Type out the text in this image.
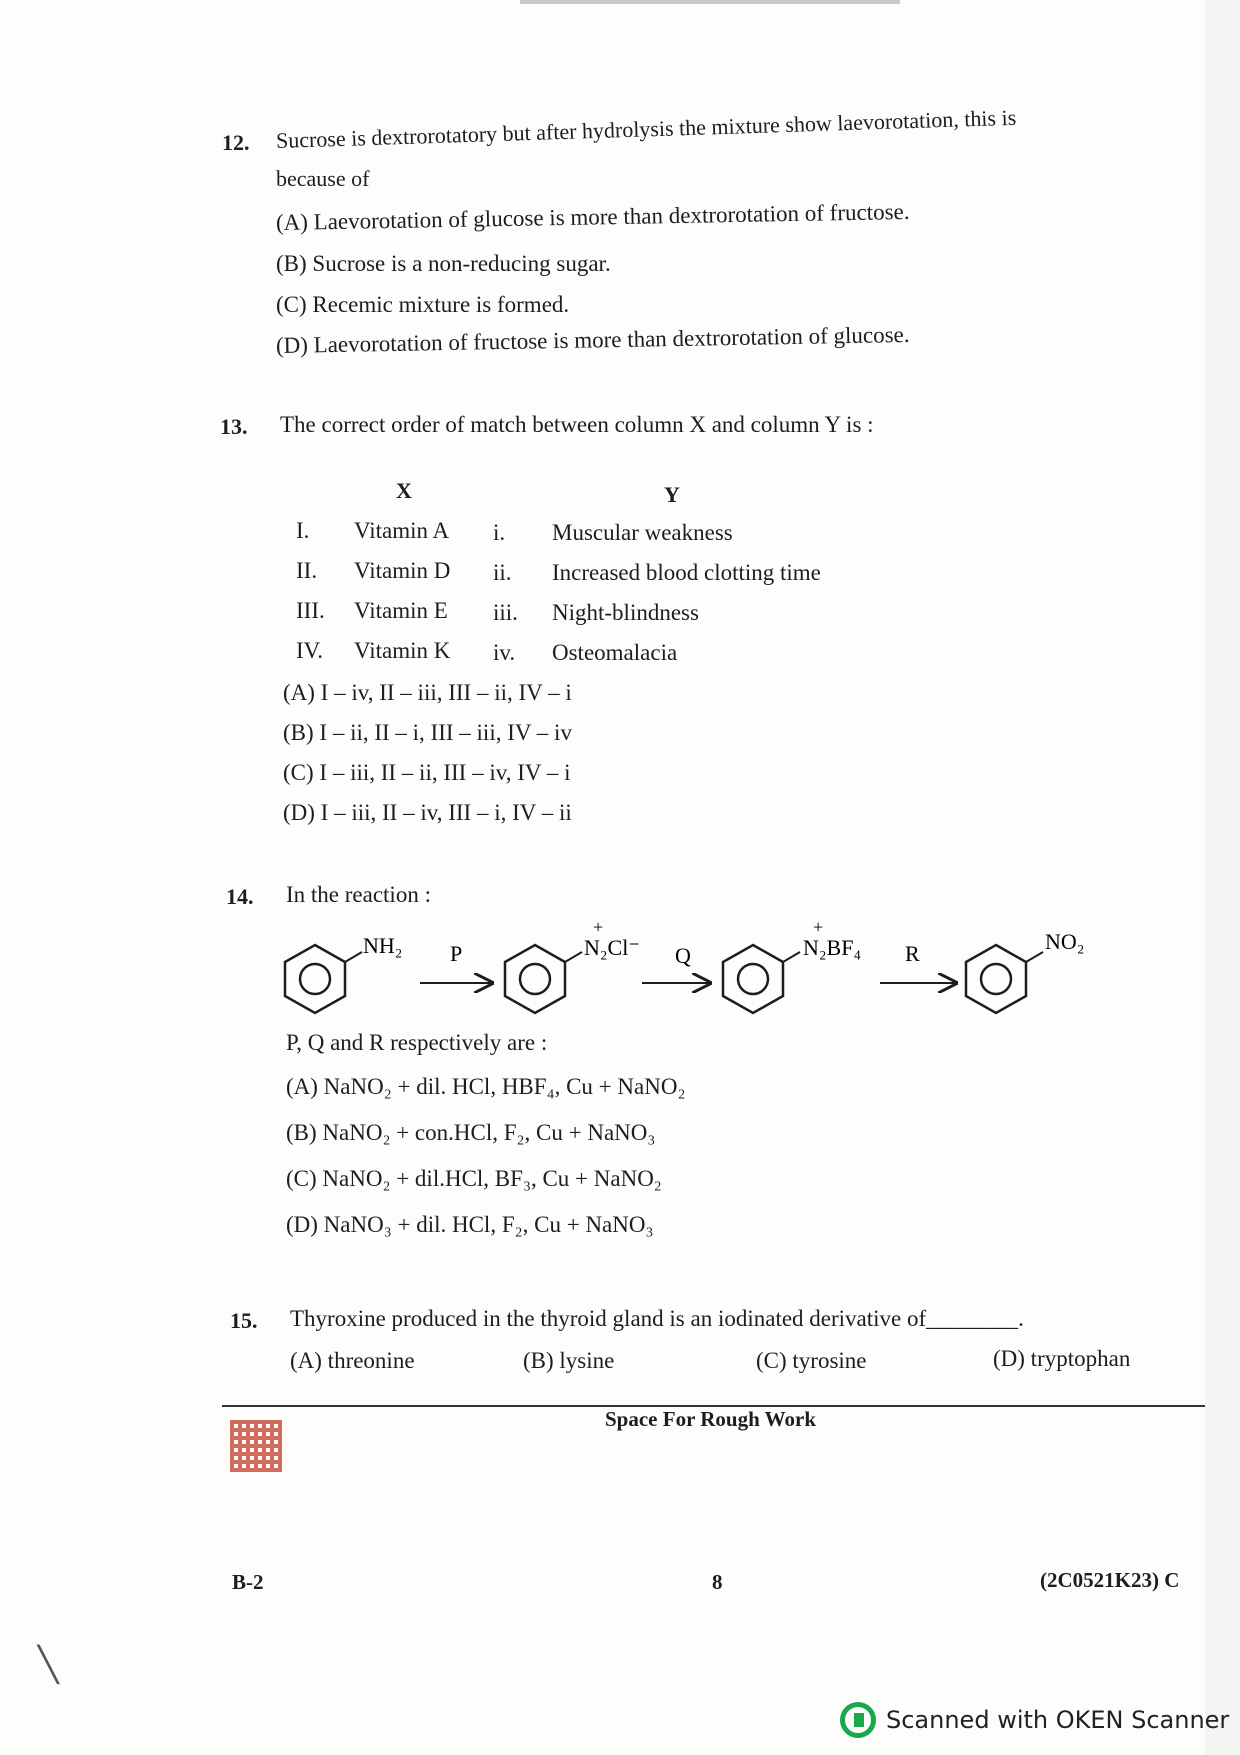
12. Sucrose is dextrorotatory but after hydrolysis the mixture show laevorotation, this is
because of
(A) Laevorotation of glucose is more than dextrorotation of fructose.
(B) Sucrose is a non-reducing sugar.
(C) Recemic mixture is formed.
(D) Laevorotation of fructose is more than dextrorotation of glucose.
13. The correct order of match between column X and column Y is :
X	Y
I. Vitamin A i. Muscular weakness
II. Vitamin D ii. Increased blood clotting time
III. Vitamin E iii. Night-blindness
IV. Vitamin K iv. Osteomalacia
(A) I – iv, II – iii, III – ii, IV – i
(B) I – ii, II – i, III – iii, IV – iv
(C) I – iii, II – ii, III – iv, IV – i
(D) I – iii, II – iv, III – i, IV – ii
14. In the reaction :
NH₂ P
+
N₂Cl⁻ Q
+
N₂BF₄ R	NO₂
P, Q and R respectively are :
(A) NaNO₂ + dil. HCl, HBF₄, Cu + NaNO₂
(B) NaNO₂ + con.HCl, F₂, Cu + NaNO₃
(C) NaNO₂ + dil.HCl, BF₃, Cu + NaNO₂
(D) NaNO₃ + dil. HCl, F₂, Cu + NaNO₃
15. Thyroxine produced in the thyroid gland is an iodinated derivative of________.
(A) threonine	(B) lysine	(C) tyrosine	(D) tryptophan
Space For Rough Work
B-2	8	(2C0521K23) C
╲
Scanned with OKEN Scanner
